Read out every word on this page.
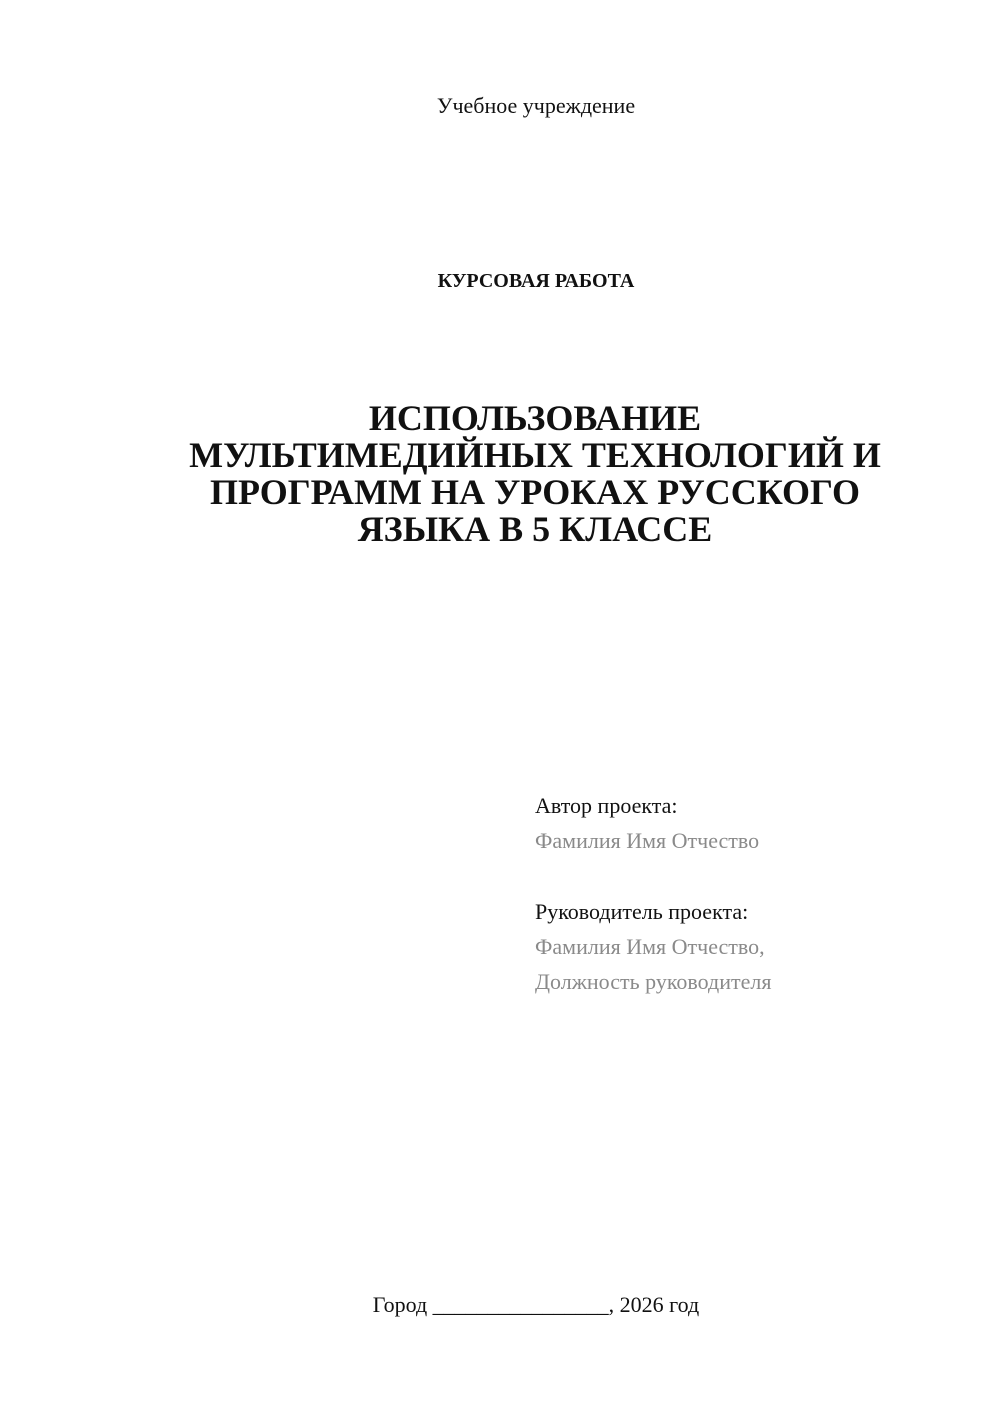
Учебное учреждение
КУРСОВАЯ РАБОТА
ИСПОЛЬЗОВАНИЕ
МУЛЬТИМЕДИЙНЫХ ТЕХНОЛОГИЙ И
ПРОГРАММ НА УРОКАХ РУССКОГО
ЯЗЫКА В 5 КЛАССЕ
Автор проекта:
Фамилия Имя Отчество
Руководитель проекта:
Фамилия Имя Отчество,
Должность руководителя
Город ________________, 2026 год
